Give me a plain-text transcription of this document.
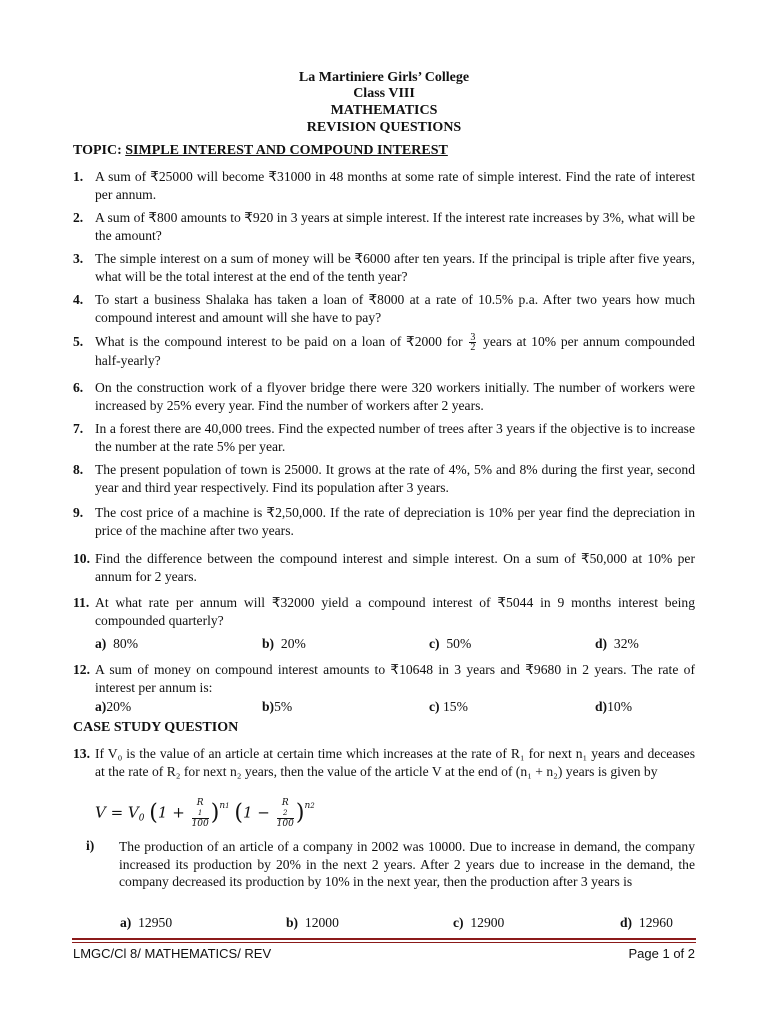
La Martiniere Girls’ College
Class VIII
MATHEMATICS
REVISION QUESTIONS
TOPIC: SIMPLE INTEREST AND COMPOUND INTEREST
1. A sum of ₹25000 will become ₹31000 in 48 months at some rate of simple interest. Find the rate of interest per annum.
2. A sum of ₹800 amounts to ₹920 in 3 years at simple interest. If the interest rate increases by 3%, what will be the amount?
3. The simple interest on a sum of money will be ₹6000 after ten years. If the principal is triple after five years, what will be the total interest at the end of the tenth year?
4. To start a business Shalaka has taken a loan of ₹8000 at a rate of 10.5% p.a. After two years how much compound interest and amount will she have to pay?
5. What is the compound interest to be paid on a loan of ₹2000 for $\frac{3}{2}$ years at 10% per annum compounded half-yearly?
6. On the construction work of a flyover bridge there were 320 workers initially. The number of workers were increased by 25% every year. Find the number of workers after 2 years.
7. In a forest there are 40,000 trees. Find the expected number of trees after 3 years if the objective is to increase the number at the rate 5% per year.
8. The present population of town is 25000. It grows at the rate of 4%, 5% and 8% during the first year, second year and third year respectively. Find its population after 3 years.
9. The cost price of a machine is ₹2,50,000. If the rate of depreciation is 10% per year find the depreciation in price of the machine after two years.
10. Find the difference between the compound interest and simple interest. On a sum of ₹50,000 at 10% per annum for 2 years.
11. At what rate per annum will ₹32000 yield a compound interest of ₹5044 in 9 months interest being compounded quarterly?
a) 80%	b) 20%	c) 50%	d) 32%
12. A sum of money on compound interest amounts to ₹10648 in 3 years and ₹9680 in 2 years. The rate of interest per annum is:
a)20%	b)5%	c) 15%	d)10%
CASE STUDY QUESTION
13. If V₀ is the value of an article at certain time which increases at the rate of R₁ for next n₁ years and deceases at the rate of R₂ for next n₂ years, then the value of the article V at the end of (n₁ + n₂) years is given by
$V = V_0$ (1 + R
1
100 )$^{n1}$ (1 − R
2
100 )$^{n2}$
i) The production of an article of a company in 2002 was 10000. Due to increase in demand, the company increased its production by 20% in the next 2 years. After 2 years due to increase in the demand, the company decreased its production by 10% in the next year, then the production after 3 years is
a) 12950	b) 12000	c) 12900	d) 12960
LMGC/Cl 8/ MATHEMATICS/ REV	Page 1 of 2
